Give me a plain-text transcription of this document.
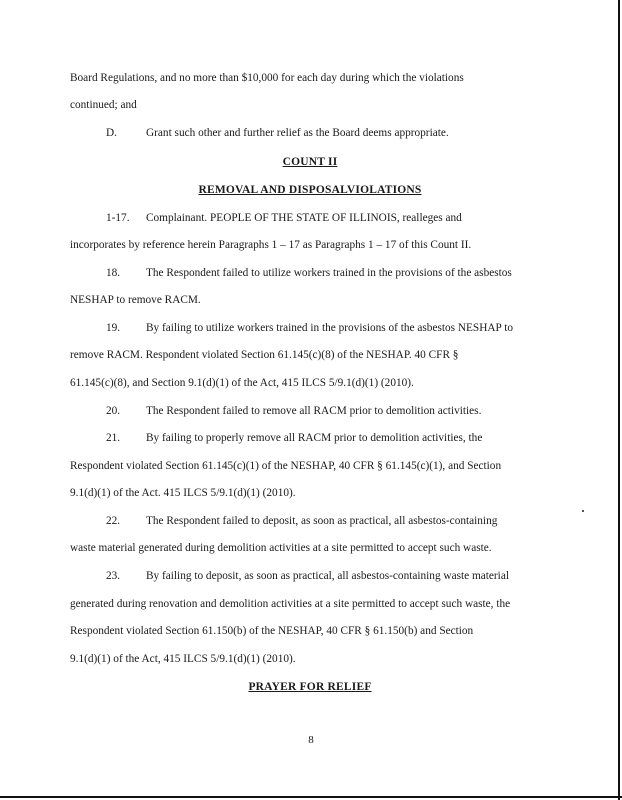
Board Regulations, and no more than $10,000 for each day during which the violations
continued; and
D.	Grant such other and further relief as the Board deems appropriate.
COUNT II
REMOVAL AND DISPOSALVIOLATIONS
1-17. Complainant. PEOPLE OF THE STATE OF ILLINOIS, realleges and
incorporates by reference herein Paragraphs 1 – 17 as Paragraphs 1 – 17 of this Count II.
18. The Respondent failed to utilize workers trained in the provisions of the asbestos
NESHAP to remove RACM.
19. By failing to utilize workers trained in the provisions of the asbestos NESHAP to
remove RACM. Respondent violated Section 61.145(c)(8) of the NESHAP. 40 CFR §
61.145(c)(8), and Section 9.1(d)(1) of the Act, 415 ILCS 5/9.1(d)(1) (2010).
20. The Respondent failed to remove all RACM prior to demolition activities.
21. By failing to properly remove all RACM prior to demolition activities, the
Respondent violated Section 61.145(c)(1) of the NESHAP, 40 CFR § 61.145(c)(1), and Section
9.1(d)(1) of the Act. 415 ILCS 5/9.1(d)(1) (2010).
22. The Respondent failed to deposit, as soon as practical, all asbestos-containing
waste material generated during demolition activities at a site permitted to accept such waste.
23. By failing to deposit, as soon as practical, all asbestos-containing waste material
generated during renovation and demolition activities at a site permitted to accept such waste, the
Respondent violated Section 61.150(b) of the NESHAP, 40 CFR § 61.150(b) and Section
9.1(d)(1) of the Act, 415 ILCS 5/9.1(d)(1) (2010).
PRAYER FOR RELIEF
8
